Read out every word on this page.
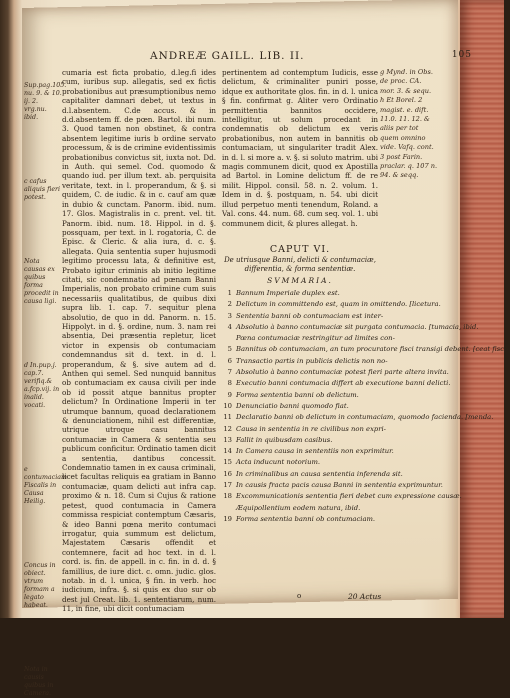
ANDREÆ GAILL. LIB. II.	105
Sup.pag.105. nu. 9. & 10. ij. 2. vrg.nu. ibid.
c cafus aliquis fieri potest.
Nota causas ex quibus forma procedit in causa ligi.
d In.pup.j. cap.7. verifiq.& a.fcp.vij. in inalid. vocati.
e contumaciam Fiscalis in Causa Heilig.
Concus in obiect. vtrum formam a legato habeat.
Nota in causis quibus in Camera.

cumaria est ficta probatio, d.leg.fi ides cum, iuribus sup. allegatis, sed ex fictis probationibus aut præsumptionibus nemo capitaliter damnari debet, ut textus in d.l.absentem. C.de accus. & in d.d.absentem ff. de pœn. Bartol. ibi num. 3. Quod tamen non obstinet, & contra absentem legitime iuris b ordine servato processum, & is de crimine evidentissimis probationibus convictus sit, iuxta not. Dd. in Auth. qui semel. Cod. quomodo & quando iud. per illum text. ab. perquisita veritate, text. in l. properandum, & §. si quidem, C. de iudic. & in c. cauf am quæ in dubio & cunctam. Panorm. ibid. num. 17. Glos. Magistralis in c. prent. vel. tit. Panorm. ibid. num. 18. Hippol. in d. §. possquam, per text. in l. rogatoria, C. de Episc. & Cleric. & alia iura, d. c. §. allegata. Quia sententia super hujusmodi legitimo processu lata, & definitive est, Probato igitur criminis ab initio legitime citati, sic condemnatio ad pœnam Banni Imperialis, non probato crimine cum suis necessariis qualitatibus, de quibus dixi supra lib. 1. cap. 7. sequitur plena absolutio, de quo in dd. Panorm. n. 15. Hippolyt. in d. §. ordine, num. 3. nam rei absentia, Dei præsentia repletur, licet victor in expensis ob contumaciam condemnandus sit d. text. in d. l. properandum, & §. sive autem ad d. Anthen qui semel. Sed nunquid bannitus ob contumaciam ex causa civili per inde ob id possit atque bannitus propter delictum? In Ordinatione Imperii in ter utrumque bannum, quoad declarationem & denunciationem, nihil est differentiæ, utrique utroque casu bannitus contumaciæ in Camera & sententia seu publicum conficitur. Ordinatio tamen dicit a sententia, dantibus concessit. Condemnatio tamen in ex causa criminali, licet facultas reliquis ea gratiam in Banno contumaciæ, quam delicti aut infra cap. proximo & n. 18. Cum si Cujus & ratione petest, quod contumacia in Camera commissa respiciat contemptum Cæsaris, & ideo Banni pœna merito contumaci irrogatur, quia summum est delictum, Majestatem Cæsaris offendit et contemnere, facit ad hoc text. in d. l. cord. is. fin. de appell. in c. fin. in d. d. § famillius, de iure dict. c. omn. judic. glos. notab. in d. l. unica, § fin. in verb. hoc iudicium, infra. §. si quis ex duo sur ob dest jul Creat. lib. 1. sententiarum, num. 11, in fine, ubi dicit contumaciam

pertinentem ad contemptum Iudicis, esse delictum, & criminaliter puniri posse, idque ex authoritate glos. fin. in d. l. unica § fin. confirmat g. Aliter vero Ordinatio permittentia bannitos occidere, intelligitur, ut solum procedant in condemnatis ob delictum ex veris probationibus, non autem in bannitis ob contumaciam, ut singulariter tradit Alex. in d. l. si more a. v. §. si soluto matrim. ubi magis communem dicit, quod ex Apostilla ad Bartol. in Lomine delictum ff. de re milit. Hippol. consil. 58. n. 2. volum. 1. Idem in d. §. postquam, n. 54. ubi dicit illud perpetuo menti tenendum, Roland. a Val. cons. 44. num. 68. cum seq. vol. 1. ubi communem dicit, & plures allegat. h.

g Mynd. in Obs. de proc. CA. mor. 3. & sequ.
h Et Borel. 2 magist. e. dift. 11.0. 11. 12. & aliis per tot quem omnino vide. Vafq. cont. 3 post Farin. praclar. q. 107 n. 94. & seqq.
CAPUT VI.
De utriusque Banni, delicti & contumaciæ, differentia, & forma sententiæ.
SVMMARIA.
1 Bannum Imperiale duplex est.
2 Delictum in committendo est, quam in omittendo. [licetura.
3 Sententia banni ob contumaciam est inter-
4 Absolutio à banno contumaciæ sit purgata contumacia. [tumacia, ibid.
Pœna contumaciæ restringitur ad limites con-
5 Bannitus ob contumaciam, an tum procuratore fisci transigi debent. [ceat fisco.
6 Transactio partis in publicis delictis non no-
7 Absolutio à banno contumaciæ potest fieri parte altera invita.
8 Executio banni contumacia differt ab executione banni delicti.
9 Forma sententia banni ob delictum.
10 Denunciatio banni quomodo fiat.
11 Declaratio banni ob delictum in contumaciam, quomodo facienda. [menda.
12 Causa in sententia in re civilibus non expri-
13 Fallit in quibusdam casibus.
14 In Camera causa in sententiis non exprimitur.
15 Acta inducunt notorium.
16 In criminalibus an causa sententia inferenda sit.
17 In causis fracta pacis causa Banni in sententia exprimuntur.
18 Excommunicationis sententia fieri debet cum expressione causæ.
Æquipollentium eodem natura, ibid.
19 Forma sententia banni ob contumaciam.
o	20 Actus
